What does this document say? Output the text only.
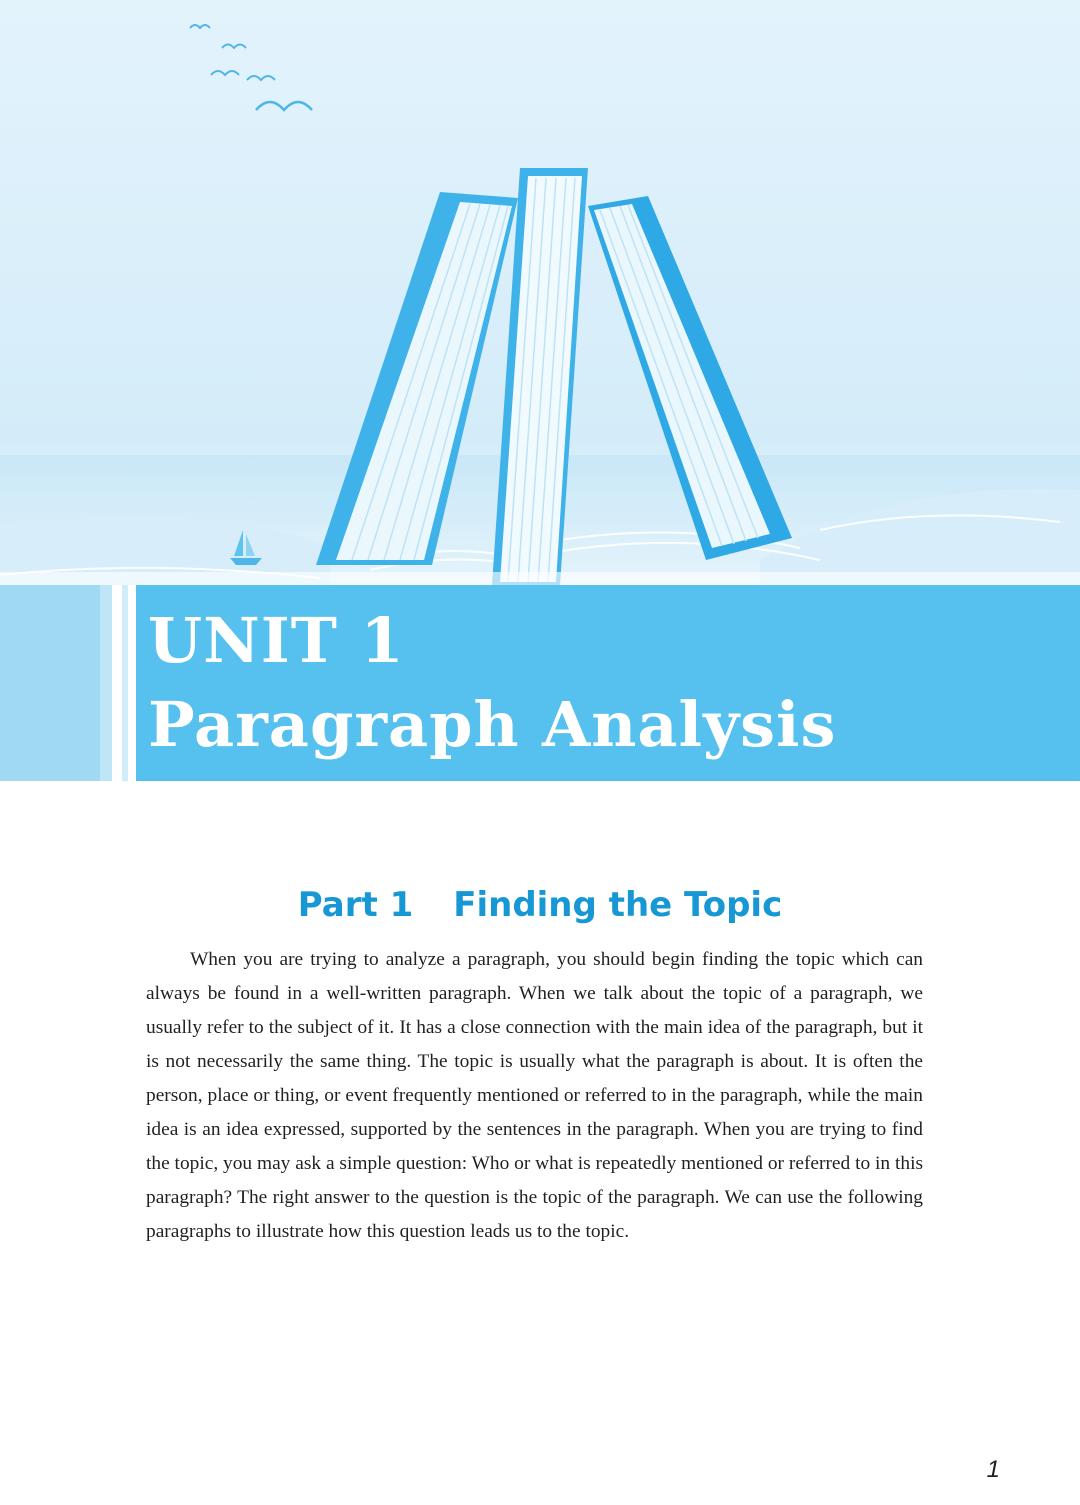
UNIT 1
Paragraph Analysis
Part 1 Finding the Topic

When you are trying to analyze a paragraph, you should begin finding the topic which can always be found in a well-written paragraph. When we talk about the topic of a paragraph, we usually refer to the subject of it. It has a close connection with the main idea of the paragraph, but it is not necessarily the same thing. The topic is usually what the paragraph is about. It is often the person, place or thing, or event frequently mentioned or referred to in the paragraph, while the main idea is an idea expressed, supported by the sentences in the paragraph. When you are trying to find the topic, you may ask a simple question: Who or what is repeatedly mentioned or referred to in this paragraph? The right answer to the question is the topic of the paragraph. We can use the following paragraphs to illustrate how this question leads us to the topic.

1
